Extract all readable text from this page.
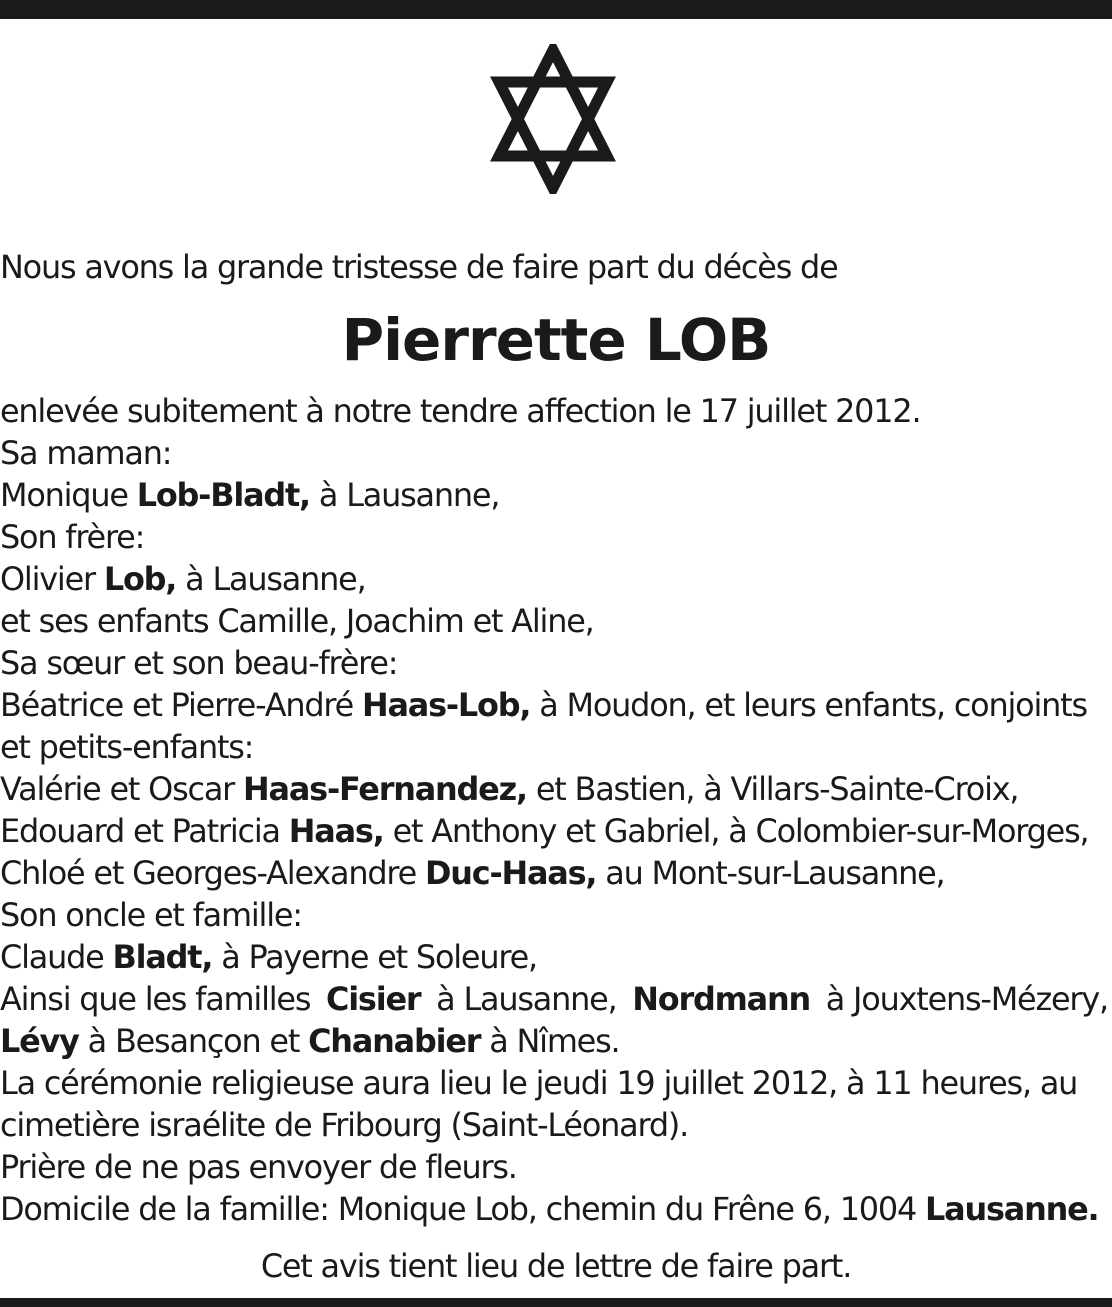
Nous avons la grande tristesse de faire part du décès de
Pierrette LOB
enlevée subitement à notre tendre affection le 17 juillet 2012.
Sa maman:
Monique Lob-Bladt, à Lausanne,
Son frère:
Olivier Lob, à Lausanne,
et ses enfants Camille, Joachim et Aline,
Sa sœur et son beau-frère:
Béatrice et Pierre-André Haas-Lob, à Moudon, et leurs enfants, conjoints
et petits-enfants:
Valérie et Oscar Haas-Fernandez, et Bastien, à Villars-Sainte-Croix,
Edouard et Patricia Haas, et Anthony et Gabriel, à Colombier-sur-Morges,
Chloé et Georges-Alexandre Duc-Haas, au Mont-sur-Lausanne,
Son oncle et famille:
Claude Bladt, à Payerne et Soleure,
Ainsi que les familles Cisier à Lausanne, Nordmann à Jouxtens-Mézery,
Lévy à Besançon et Chanabier à Nîmes.
La cérémonie religieuse aura lieu le jeudi 19 juillet 2012, à 11 heures, au
cimetière israélite de Fribourg (Saint-Léonard).
Prière de ne pas envoyer de fleurs.
Domicile de la famille: Monique Lob, chemin du Frêne 6, 1004 Lausanne.
Cet avis tient lieu de lettre de faire part.
